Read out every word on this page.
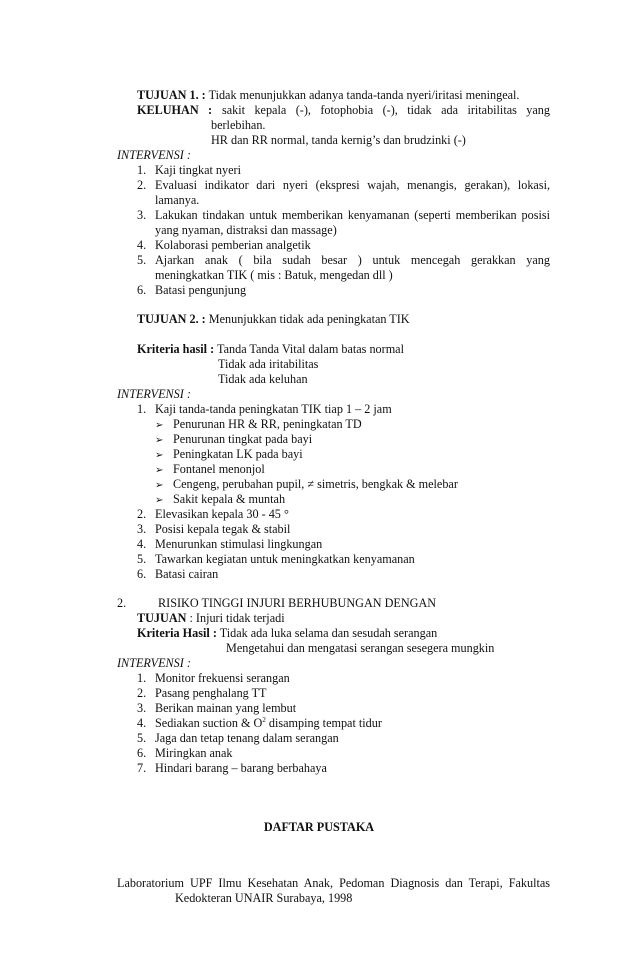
TUJUAN 1. : Tidak menunjukkan adanya tanda-tanda nyeri/iritasi meningeal.
KELUHAN : sakit kepala (-), fotophobia (-), tidak ada iritabilitas yang
berlebihan.
HR dan RR normal, tanda kernig’s dan brudzinki (-)
INTERVENSI :
1. Kaji tingkat nyeri
2. Evaluasi indikator dari nyeri (ekspresi wajah, menangis, gerakan), lokasi,
lamanya.
3. Lakukan tindakan untuk memberikan kenyamanan (seperti memberikan posisi
yang nyaman, distraksi dan massage)
4. Kolaborasi pemberian analgetik
5. Ajarkan anak ( bila sudah besar ) untuk mencegah gerakkan yang
meningkatkan TIK ( mis : Batuk, mengedan dll )
6. Batasi pengunjung
TUJUAN 2. : Menunjukkan tidak ada peningkatan TIK
Kriteria hasil : Tanda Tanda Vital dalam batas normal
Tidak ada iritabilitas
Tidak ada keluhan
INTERVENSI :
1. Kaji tanda-tanda peningkatan TIK tiap 1 – 2 jam
➢ Penurunan HR & RR, peningkatan TD
➢ Penurunan tingkat pada bayi
➢ Peningkatan LK pada bayi
➢ Fontanel menonjol
➢ Cengeng, perubahan pupil, ≠ simetris, bengkak & melebar
➢ Sakit kepala & muntah
2. Elevasikan kepala 30 - 45 °
3. Posisi kepala tegak & stabil
4. Menurunkan stimulasi lingkungan
5. Tawarkan kegiatan untuk meningkatkan kenyamanan
6. Batasi cairan
2.	RISIKO TINGGI INJURI BERHUBUNGAN DENGAN
TUJUAN : Injuri tidak terjadi
Kriteria Hasil : Tidak ada luka selama dan sesudah serangan
Mengetahui dan mengatasi serangan sesegera mungkin
INTERVENSI :
1. Monitor frekuensi serangan
2. Pasang penghalang TT
3. Berikan mainan yang lembut
4. Sediakan suction & $O^2$ disamping tempat tidur
5. Jaga dan tetap tenang dalam serangan
6. Miringkan anak
7. Hindari barang – barang berbahaya
DAFTAR PUSTAKA
Laboratorium UPF Ilmu Kesehatan Anak, Pedoman Diagnosis dan Terapi, Fakultas
Kedokteran UNAIR Surabaya, 1998
